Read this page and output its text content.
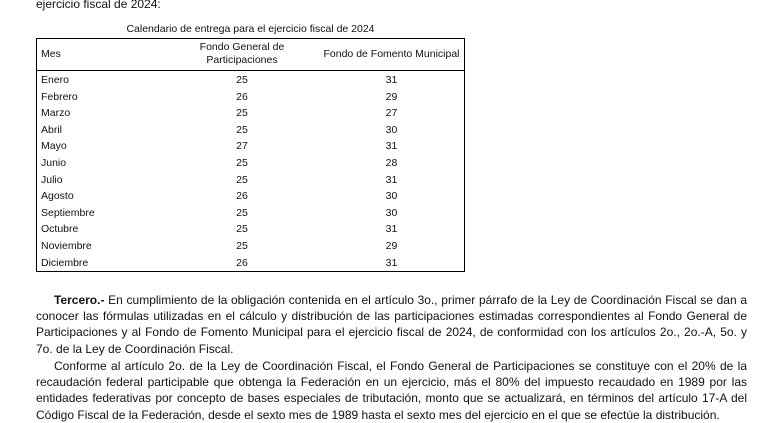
ejercicio fiscal de 2024:
Calendario de entrega para el ejercicio fiscal de 2024
Mes	Fondo General de Participaciones	Fondo de Fomento Municipal
Enero	25	31
Febrero	26	29
Marzo	25	27
Abril	25	30
Mayo	27	31
Junio	25	28
Julio	25	31
Agosto	26	30
Septiembre	25	30
Octubre	25	31
Noviembre	25	29
Diciembre	26	31

Tercero.- En cumplimiento de la obligación contenida en el artículo 3o., primer párrafo de la Ley de Coordinación Fiscal se dan a conocer las fórmulas utilizadas en el cálculo y distribución de las participaciones estimadas correspondientes al Fondo General de Participaciones y al Fondo de Fomento Municipal para el ejercicio fiscal de 2024, de conformidad con los artículos 2o., 2o.-A, 5o. y 7o. de la Ley de Coordinación Fiscal.

Conforme al artículo 2o. de la Ley de Coordinación Fiscal, el Fondo General de Participaciones se constituye con el 20% de la recaudación federal participable que obtenga la Federación en un ejercicio, más el 80% del impuesto recaudado en 1989 por las entidades federativas por concepto de bases especiales de tributación, monto que se actualizará, en términos del artículo 17-A del Código Fiscal de la Federación, desde el sexto mes de 1989 hasta el sexto mes del ejercicio en el que se efectúe la distribución.
